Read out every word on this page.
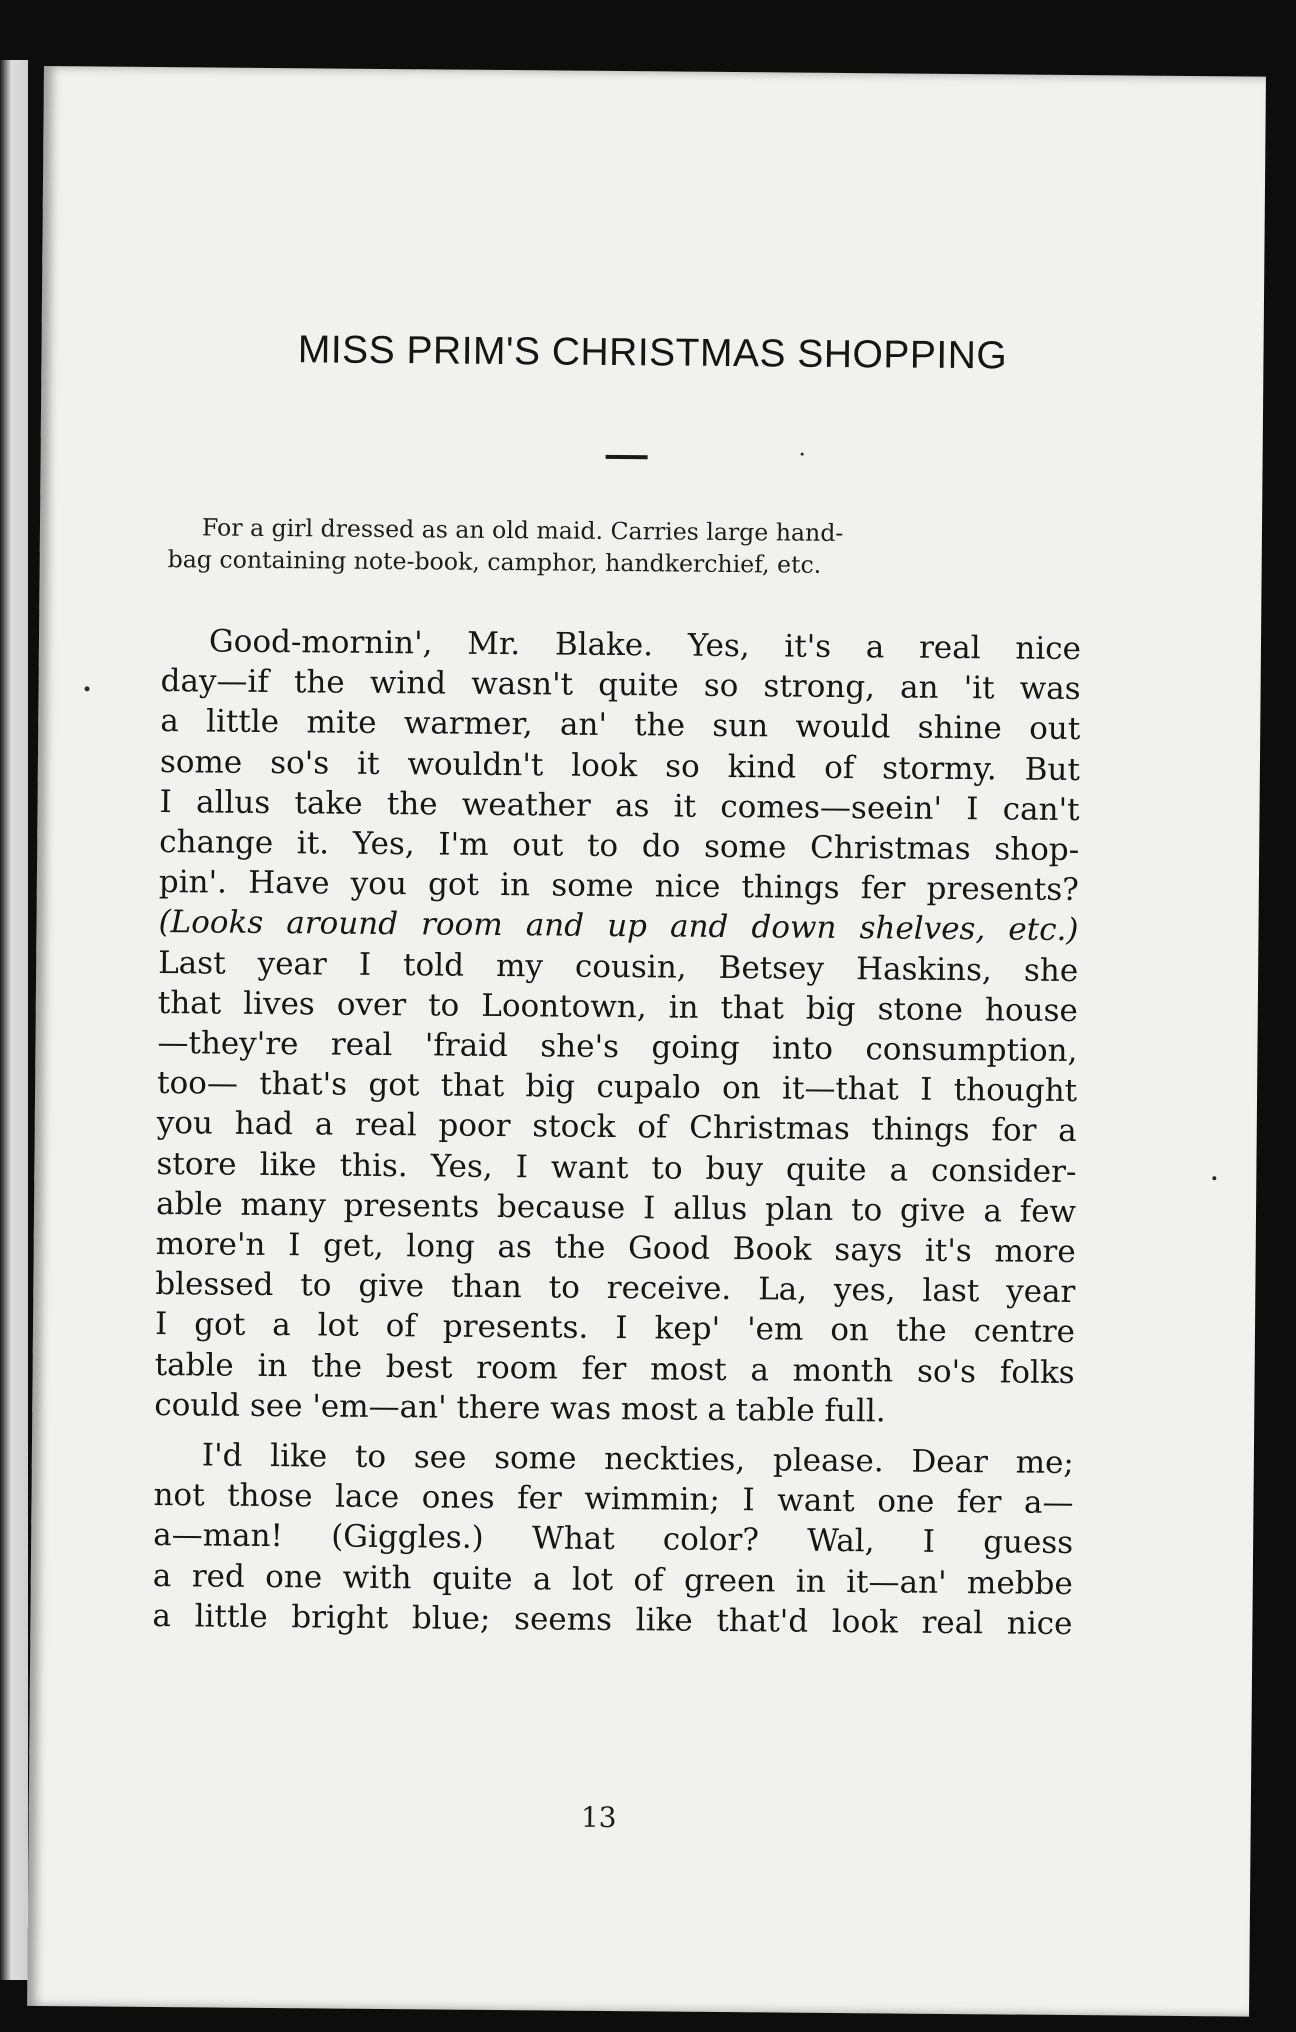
MISS PRIM'S CHRISTMAS SHOPPING
For a girl dressed as an old maid. Carries large hand-
bag containing note-book, camphor, handkerchief, etc.
Good-mornin', Mr. Blake. Yes, it's a real nice
day—if the wind wasn't quite so strong, an 'it was
a little mite warmer, an' the sun would shine out
some so's it wouldn't look so kind of stormy. But
I allus take the weather as it comes—seein' I can't
change it. Yes, I'm out to do some Christmas shop-
pin'. Have you got in some nice things fer presents?
(Looks around room and up and down shelves, etc.)
Last year I told my cousin, Betsey Haskins, she
that lives over to Loontown, in that big stone house
—they're real 'fraid she's going into consumption,
too— that's got that big cupalo on it—that I thought
you had a real poor stock of Christmas things for a
store like this. Yes, I want to buy quite a consider-
able many presents because I allus plan to give a few
more'n I get, long as the Good Book says it's more
blessed to give than to receive. La, yes, last year
I got a lot of presents. I kep' 'em on the centre
table in the best room fer most a month so's folks
could see 'em—an' there was most a table full.
I'd like to see some neckties, please. Dear me;
not those lace ones fer wimmin; I want one fer a—
a—man! (Giggles.) What color? Wal, I guess
a red one with quite a lot of green in it—an' mebbe
a little bright blue; seems like that'd look real nice
13
